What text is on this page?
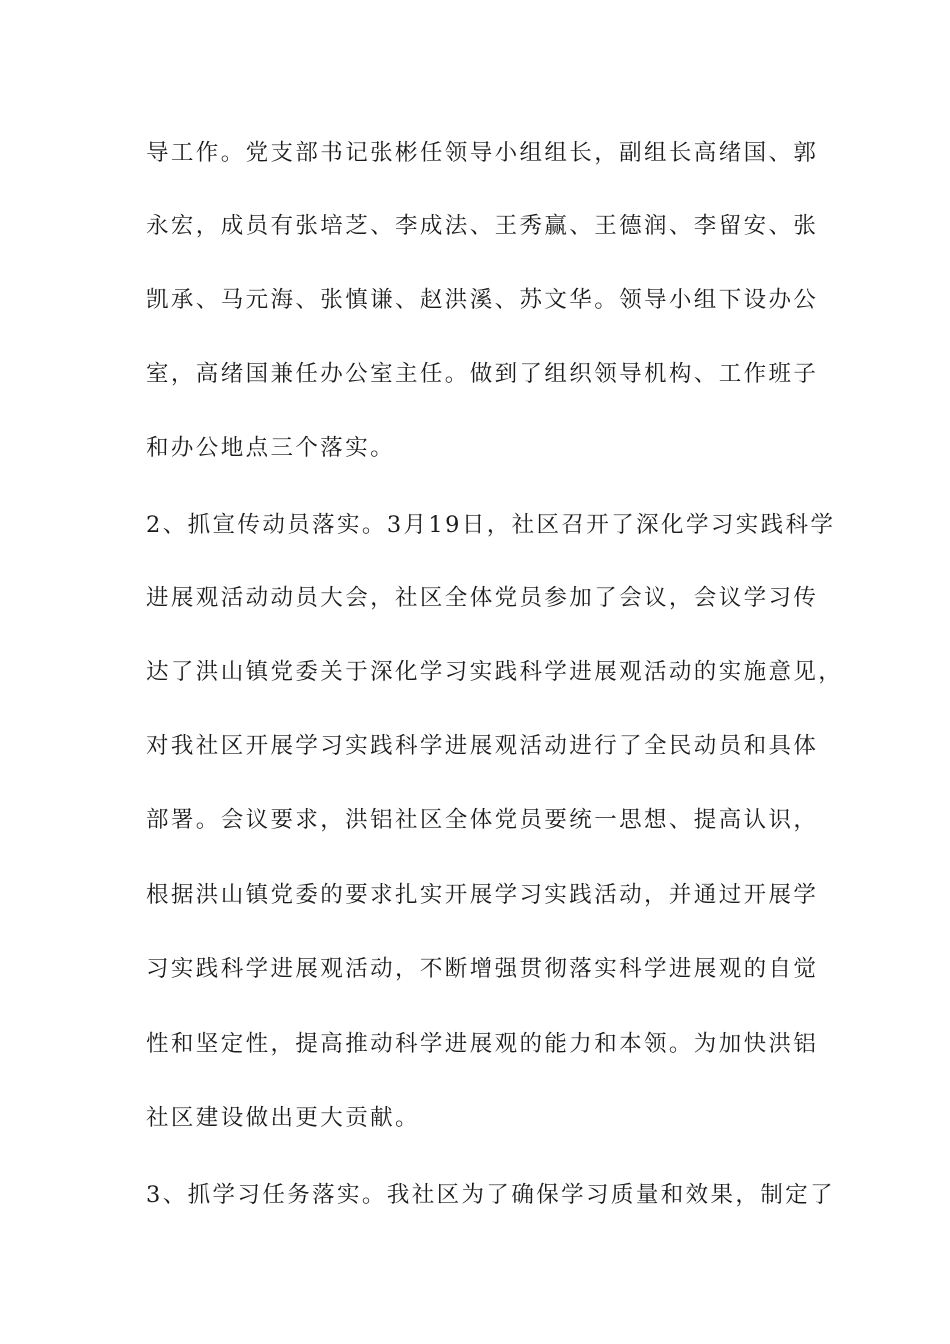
导工作。党支部书记张彬任领导小组组长，副组长高绪国、郭
永宏，成员有张培芝、李成法、王秀赢、王德润、李留安、张
凯承、马元海、张慎谦、赵洪溪、苏文华。领导小组下设办公
室，高绪国兼任办公室主任。做到了组织领导机构、工作班子
和办公地点三个落实。
2、抓宣传动员落实。3月19日，社区召开了深化学习实践科学
进展观活动动员大会，社区全体党员参加了会议，会议学习传
达了洪山镇党委关于深化学习实践科学进展观活动的实施意见，
对我社区开展学习实践科学进展观活动进行了全民动员和具体
部署。会议要求，洪铝社区全体党员要统一思想、提高认识，
根据洪山镇党委的要求扎实开展学习实践活动，并通过开展学
习实践科学进展观活动，不断增强贯彻落实科学进展观的自觉
性和坚定性，提高推动科学进展观的能力和本领。为加快洪铝
社区建设做出更大贡献。
3、抓学习任务落实。我社区为了确保学习质量和效果，制定了
